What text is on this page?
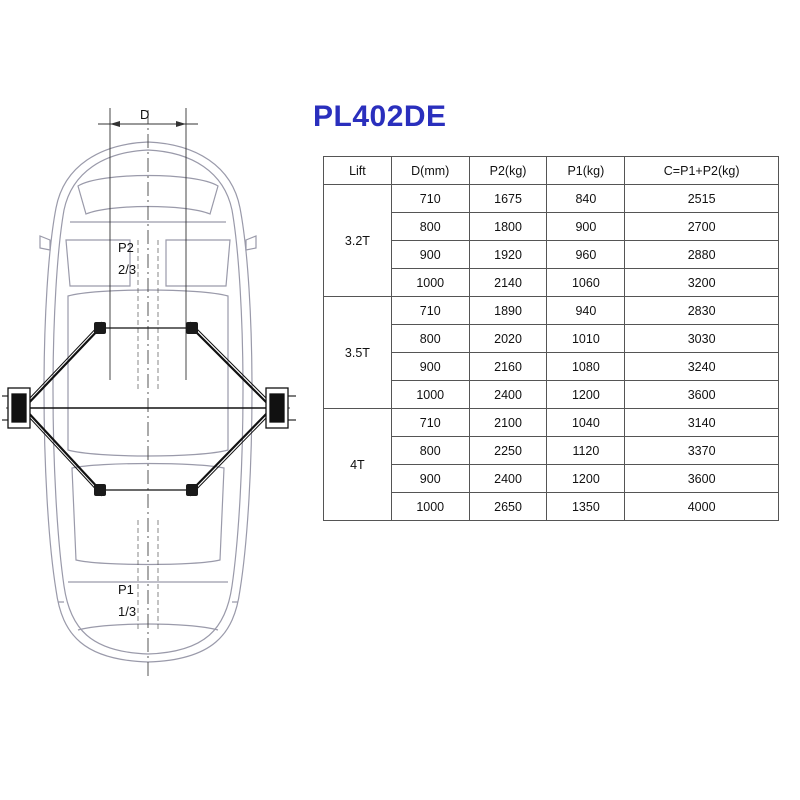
D
P2
2/3
P1
1/3
PL402DE
Lift	D(mm)	P2(kg)	P1(kg)	C=P1+P2(kg)
3.2T	710	1675	840	2515
	800	1800	900	2700
	900	1920	960	2880
	1000	2140	1060	3200
3.5T	710	1890	940	2830
	800	2020	1010	3030
	900	2160	1080	3240
	1000	2400	1200	3600
4T	710	2100	1040	3140
	800	2250	1120	3370
	900	2400	1200	3600
	1000	2650	1350	4000
